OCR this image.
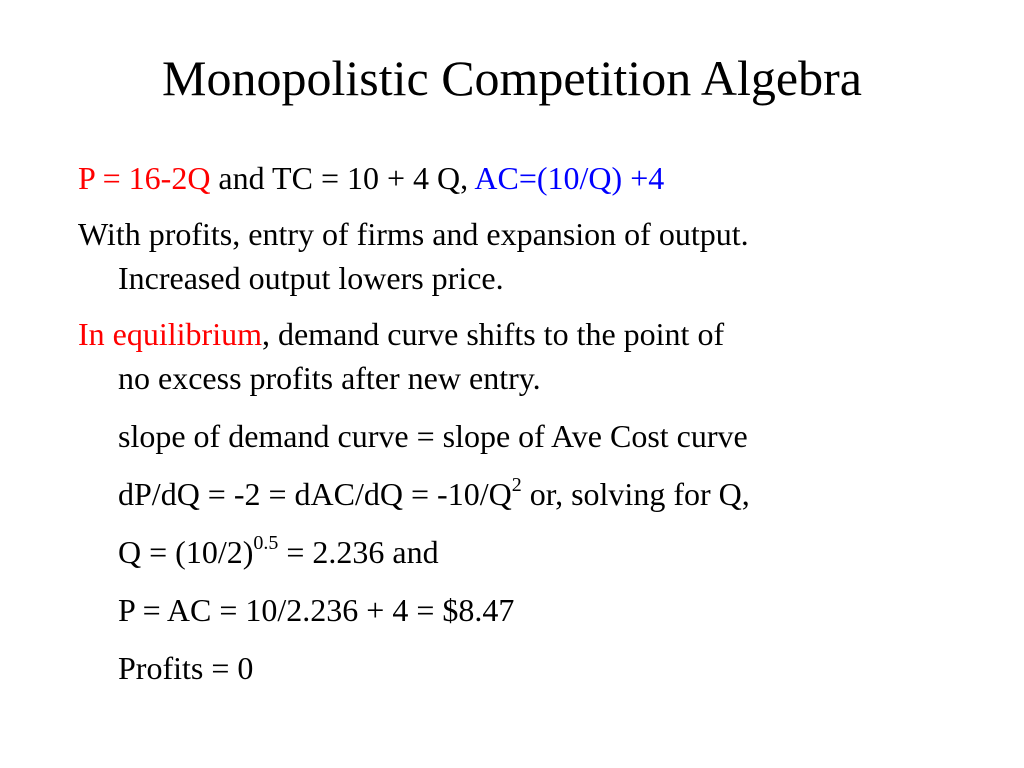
Monopolistic Competition Algebra

P = 16-2Q and TC = 10 + 4 Q, AC=(10/Q) +4

With profits, entry of firms and expansion of output.
Increased output lowers price.

In equilibrium, demand curve shifts to the point of
no excess profits after new entry.

slope of demand curve = slope of Ave Cost curve

$dP/dQ = -2 = dAC/dQ = -10/Q^2$ or, solving for Q,

$Q = (10/2)^{0.5} = 2.236$ and

P = AC = 10/2.236 + 4 = $8.47

Profits = 0
